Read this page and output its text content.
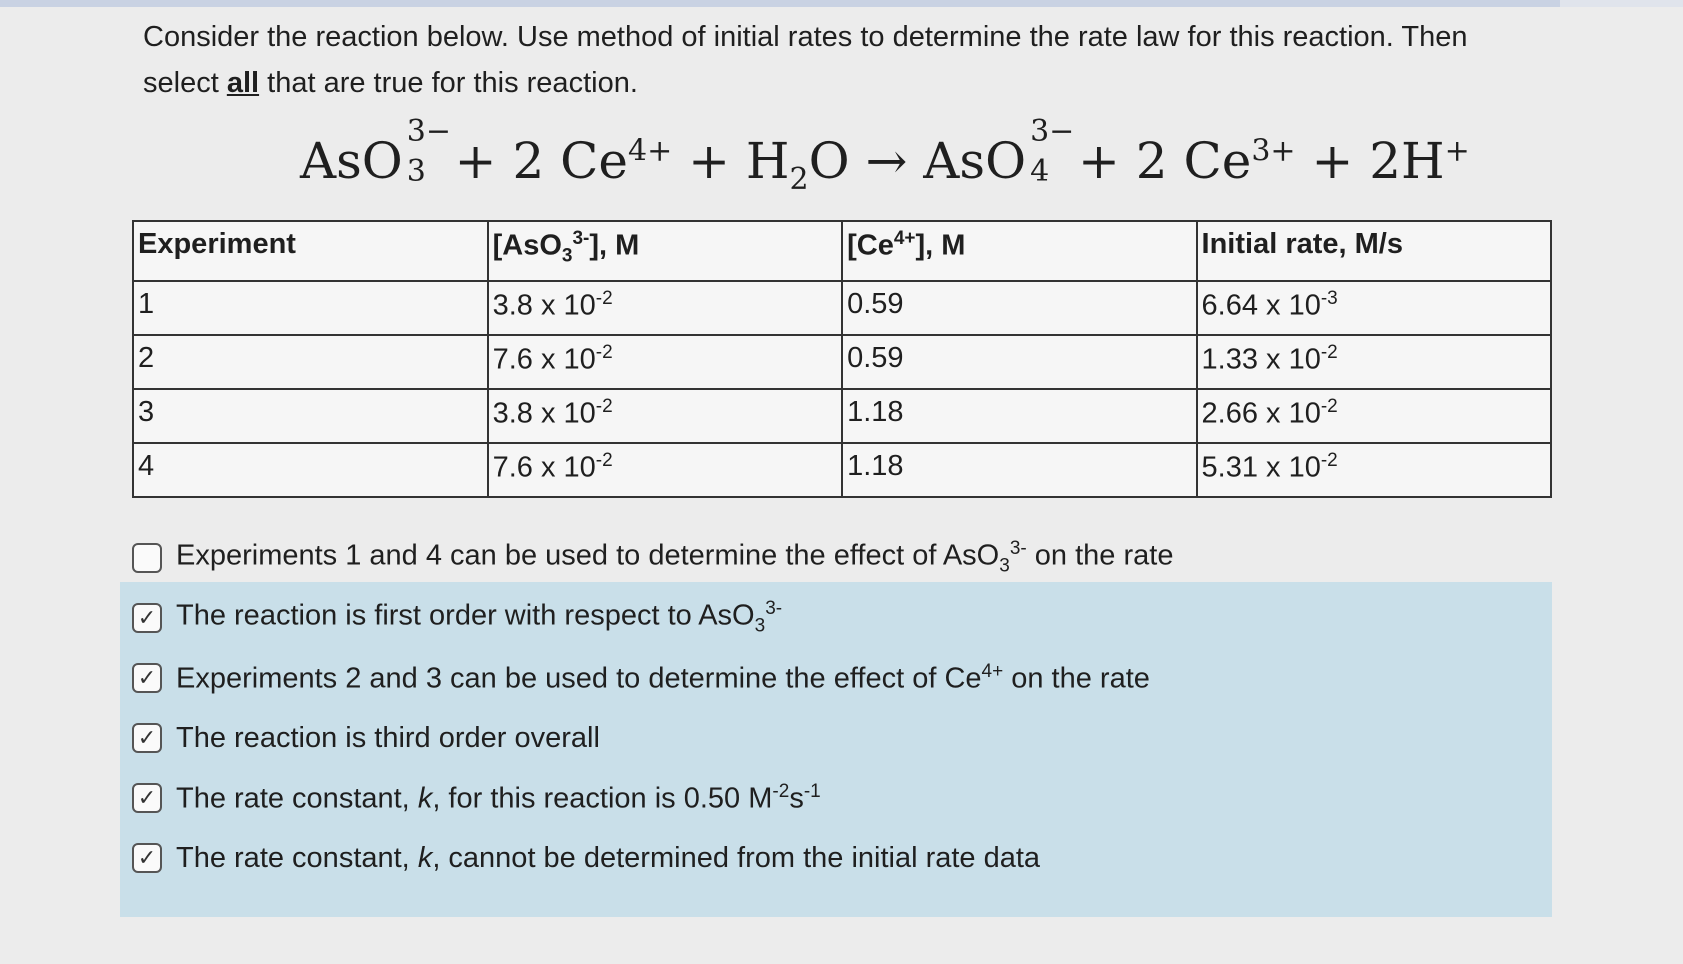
Consider the reaction below. Use method of initial rates to determine the rate law for this reaction. Then select all that are true for this reaction.
AsO
3−
3 + 2 $Ce^{4+} + H_2O$ → AsO
3−
4 + 2 $Ce^{3+} + 2H^+$
Experiment	[AsO$_3^{3-}$], M	$[Ce^{4+}]$, M	Initial rate, M/s
1	3.8 x $10^{-2}$	0.59	6.64 x $10^{-3}$
2	7.6 x $10^{-2}$	0.59	1.33 x $10^{-2}$
3	3.8 x $10^{-2}$	1.18	2.66 x $10^{-2}$
4	7.6 x $10^{-2}$	1.18	5.31 x $10^{-2}$
Experiments 1 and 4 can be used to determine the effect of AsO$_3^{3-}$ on the rate
✓ The reaction is first order with respect to AsO$_3^{3-}$
✓ Experiments 2 and 3 can be used to determine the effect of $Ce^{4+}$ on the rate
✓ The reaction is third order overall
✓ The rate constant, k, for this reaction is 0.50 $M^{-2}s^{-1}$
✓ The rate constant, k, cannot be determined from the initial rate data
